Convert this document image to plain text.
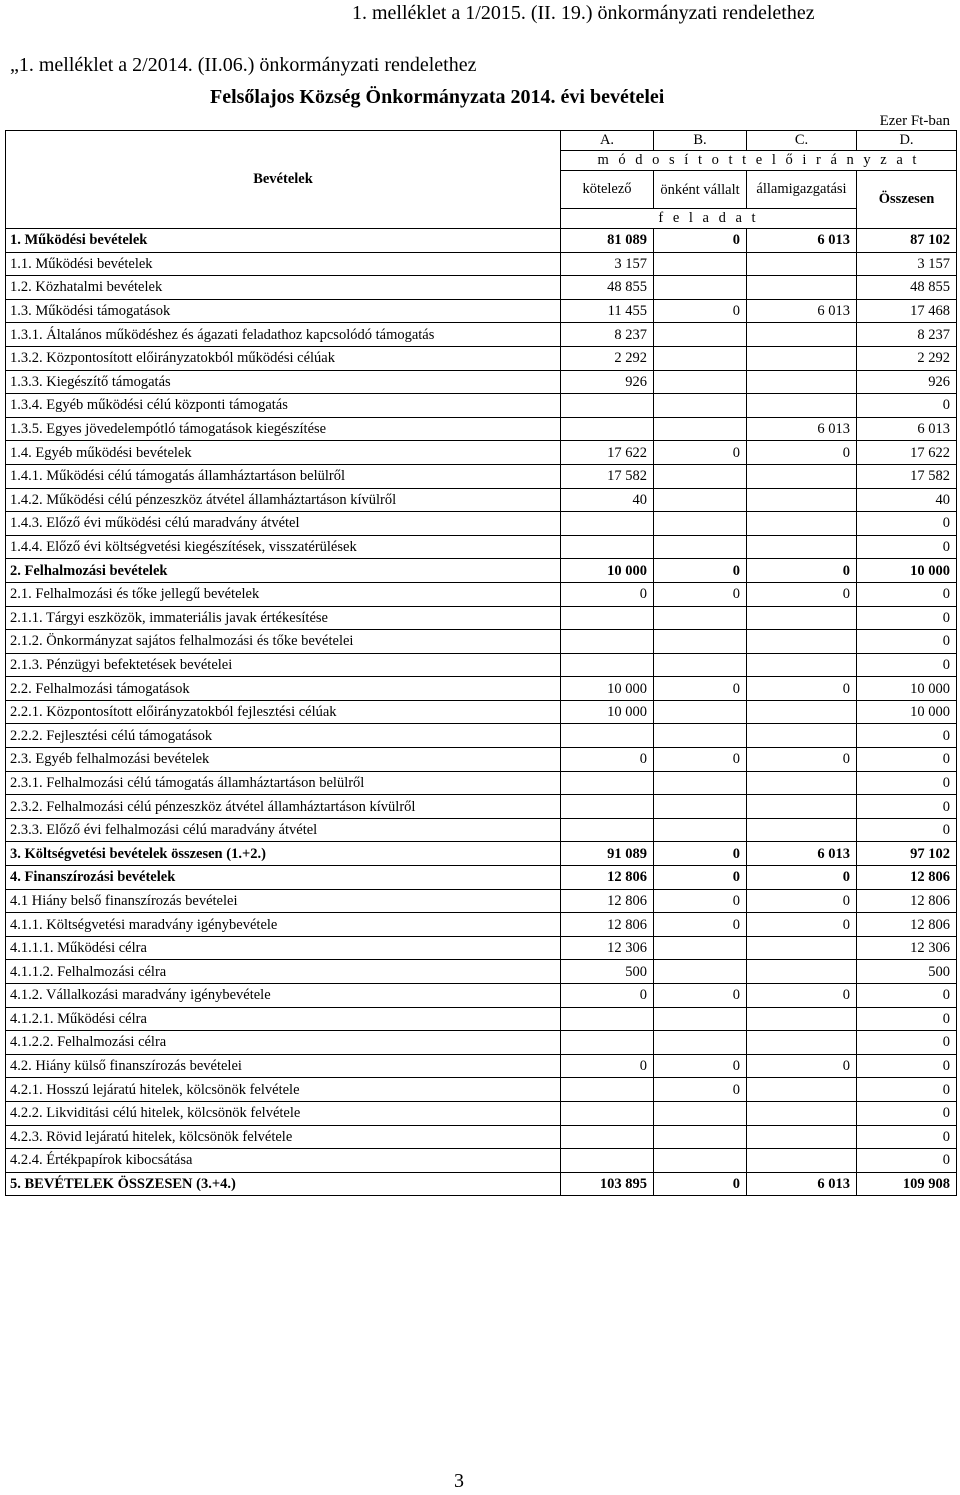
1. melléklet a 1/2015. (II. 19.) önkormányzati rendelethez
„1. melléklet a 2/2014. (II.06.) önkormányzati rendelethez
Felsőlajos Község Önkormányzata 2014. évi bevételei
Ezer Ft-ban
Bevételek	A.	B.	C.	D.
	m ó d o s í t o t t e l ő i r á n y z a t			
	kötelező	önként vállalt	államigazgatási	Összesen
	f e l a d a t			
1. Működési bevételek	81 089	0	6 013	87 102
1.1. Működési bevételek	3 157			3 157
1.2. Közhatalmi bevételek	48 855			48 855
1.3. Működési támogatások	11 455	0	6 013	17 468
1.3.1. Általános működéshez és ágazati feladathoz kapcsolódó támogatás	8 237			8 237
1.3.2. Központosított előirányzatokból működési célúak	2 292			2 292
1.3.3. Kiegészítő támogatás	926			926
1.3.4. Egyéb működési célú központi támogatás				0
1.3.5. Egyes jövedelempótló támogatások kiegészítése			6 013	6 013
1.4. Egyéb működési bevételek	17 622	0	0	17 622
1.4.1. Működési célú támogatás államháztartáson belülről	17 582			17 582
1.4.2. Működési célú pénzeszköz átvétel államháztartáson kívülről	40			40
1.4.3. Előző évi működési célú maradvány átvétel				0
1.4.4. Előző évi költségvetési kiegészítések, visszatérülések				0
2. Felhalmozási bevételek	10 000	0	0	10 000
2.1. Felhalmozási és tőke jellegű bevételek	0	0	0	0
2.1.1. Tárgyi eszközök, immateriális javak értékesítése				0
2.1.2. Önkormányzat sajátos felhalmozási és tőke bevételei				0
2.1.3. Pénzügyi befektetések bevételei				0
2.2. Felhalmozási támogatások	10 000	0	0	10 000
2.2.1. Központosított előirányzatokból fejlesztési célúak	10 000			10 000
2.2.2. Fejlesztési célú támogatások				0
2.3. Egyéb felhalmozási bevételek	0	0	0	0
2.3.1. Felhalmozási célú támogatás államháztartáson belülről				0
2.3.2. Felhalmozási célú pénzeszköz átvétel államháztartáson kívülről				0
2.3.3. Előző évi felhalmozási célú maradvány átvétel				0
3. Költségvetési bevételek összesen (1.+2.)	91 089	0	6 013	97 102
4. Finanszírozási bevételek	12 806	0	0	12 806
4.1 Hiány belső finanszírozás bevételei	12 806	0	0	12 806
4.1.1. Költségvetési maradvány igénybevétele	12 806	0	0	12 806
4.1.1.1. Működési célra	12 306			12 306
4.1.1.2. Felhalmozási célra	500			500
4.1.2. Vállalkozási maradvány igénybevétele	0	0	0	0
4.1.2.1. Működési célra				0
4.1.2.2. Felhalmozási célra				0
4.2. Hiány külső finanszírozás bevételei	0	0	0	0
4.2.1. Hosszú lejáratú hitelek, kölcsönök felvétele		0		0
4.2.2. Likviditási célú hitelek, kölcsönök felvétele				0
4.2.3. Rövid lejáratú hitelek, kölcsönök felvétele				0
4.2.4. Értékpapírok kibocsátása				0
5. BEVÉTELEK ÖSSZESEN (3.+4.)	103 895	0	6 013	109 908
3
